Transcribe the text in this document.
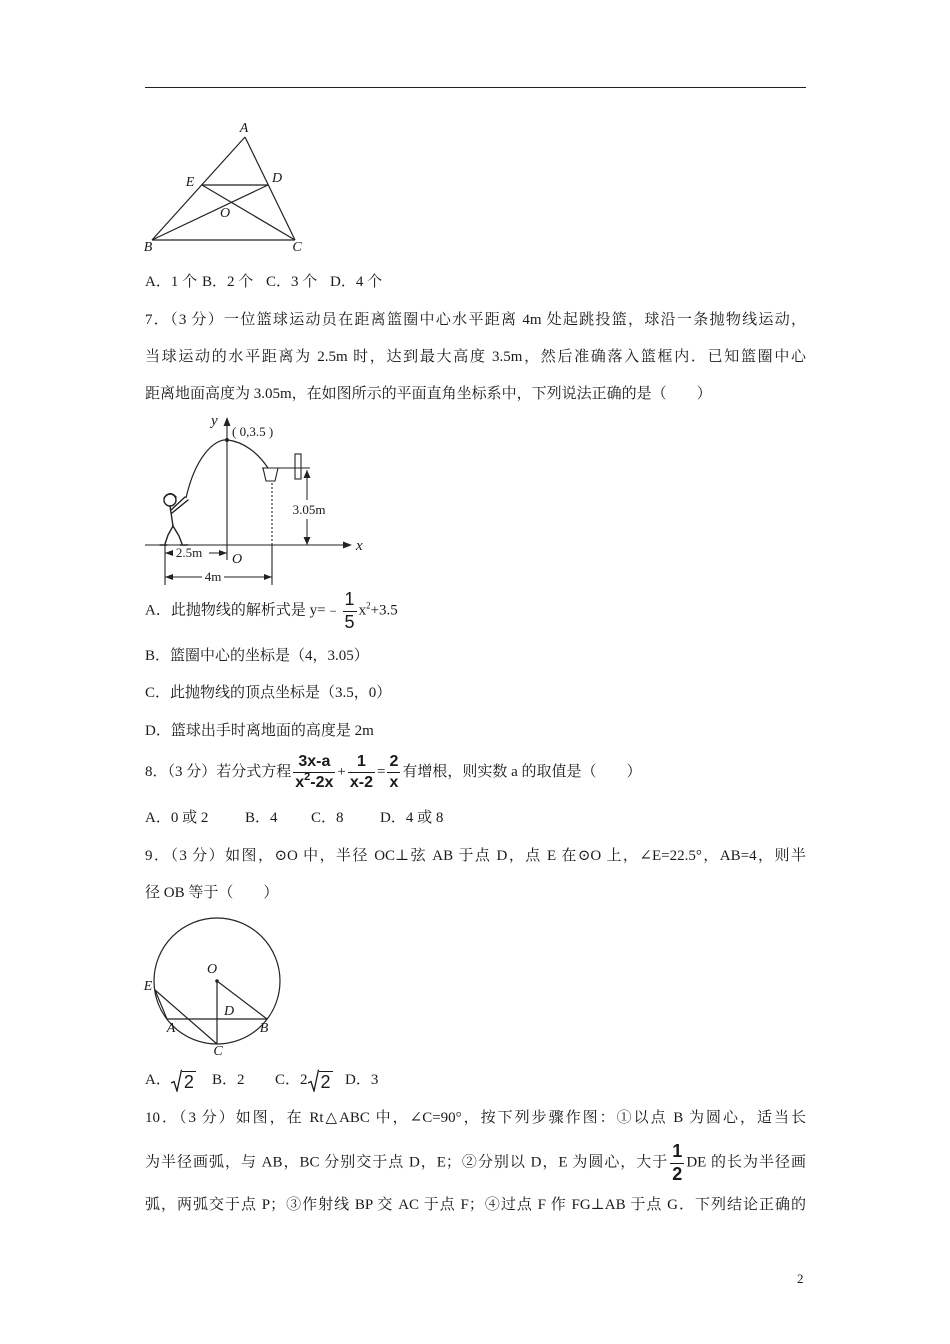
A
E	D
O
B	C
A．1 个 B．2 个 C．3 个 D．4 个
7．（3 分）一位篮球运动员在距离篮圈中心水平距离 4m 处起跳投篮，球沿一条抛物线运动，
当球运动的水平距离为 2.5m 时，达到最大高度 3.5m，然后准确落入篮框内．已知篮圈中心
距离地面高度为 3.05m，在如图所示的平面直角坐标系中，下列说法正确的是（　　）
x
y
O
( 0,3.5 )
3.05m
2.5m
4m
A．此抛物线的解析式是 y=﹣ $\frac{1}{5} x^2+3.5$
B．篮圈中心的坐标是（4，3.05）
C．此抛物线的顶点坐标是（3.5，0）
D．篮球出手时离地面的高度是 2m
8．（3 分）若分式方程 $\frac{3x-a}{x^2-2x} + \frac{1}{x-2} = \frac{2}{x}$ 有增根，则实数 a 的取值是（　　）
A．0 或 2 B．4 C．8 D．4 或 8
9．（3 分）如图，⊙O 中，半径 OC⊥弦 AB 于点 D，点 E 在⊙O 上，∠E=22.5°，AB=4，则半
径 OB 等于（　　）
O
E
D
A	B
C
A． 2 B．2 C．2 2 D．3
10．（3 分）如图，在 Rt△ABC 中，∠C=90°，按下列步骤作图：①以点 B 为圆心，适当长
为半径画弧，与 AB，BC 分别交于点 D，E；②分别以 D，E 为圆心，大于 $\frac{1}{2}$ DE 的长为半径画
弧，两弧交于点 P；③作射线 BP 交 AC 于点 F；④过点 F 作 FG⊥AB 于点 G．下列结论正确的
2
